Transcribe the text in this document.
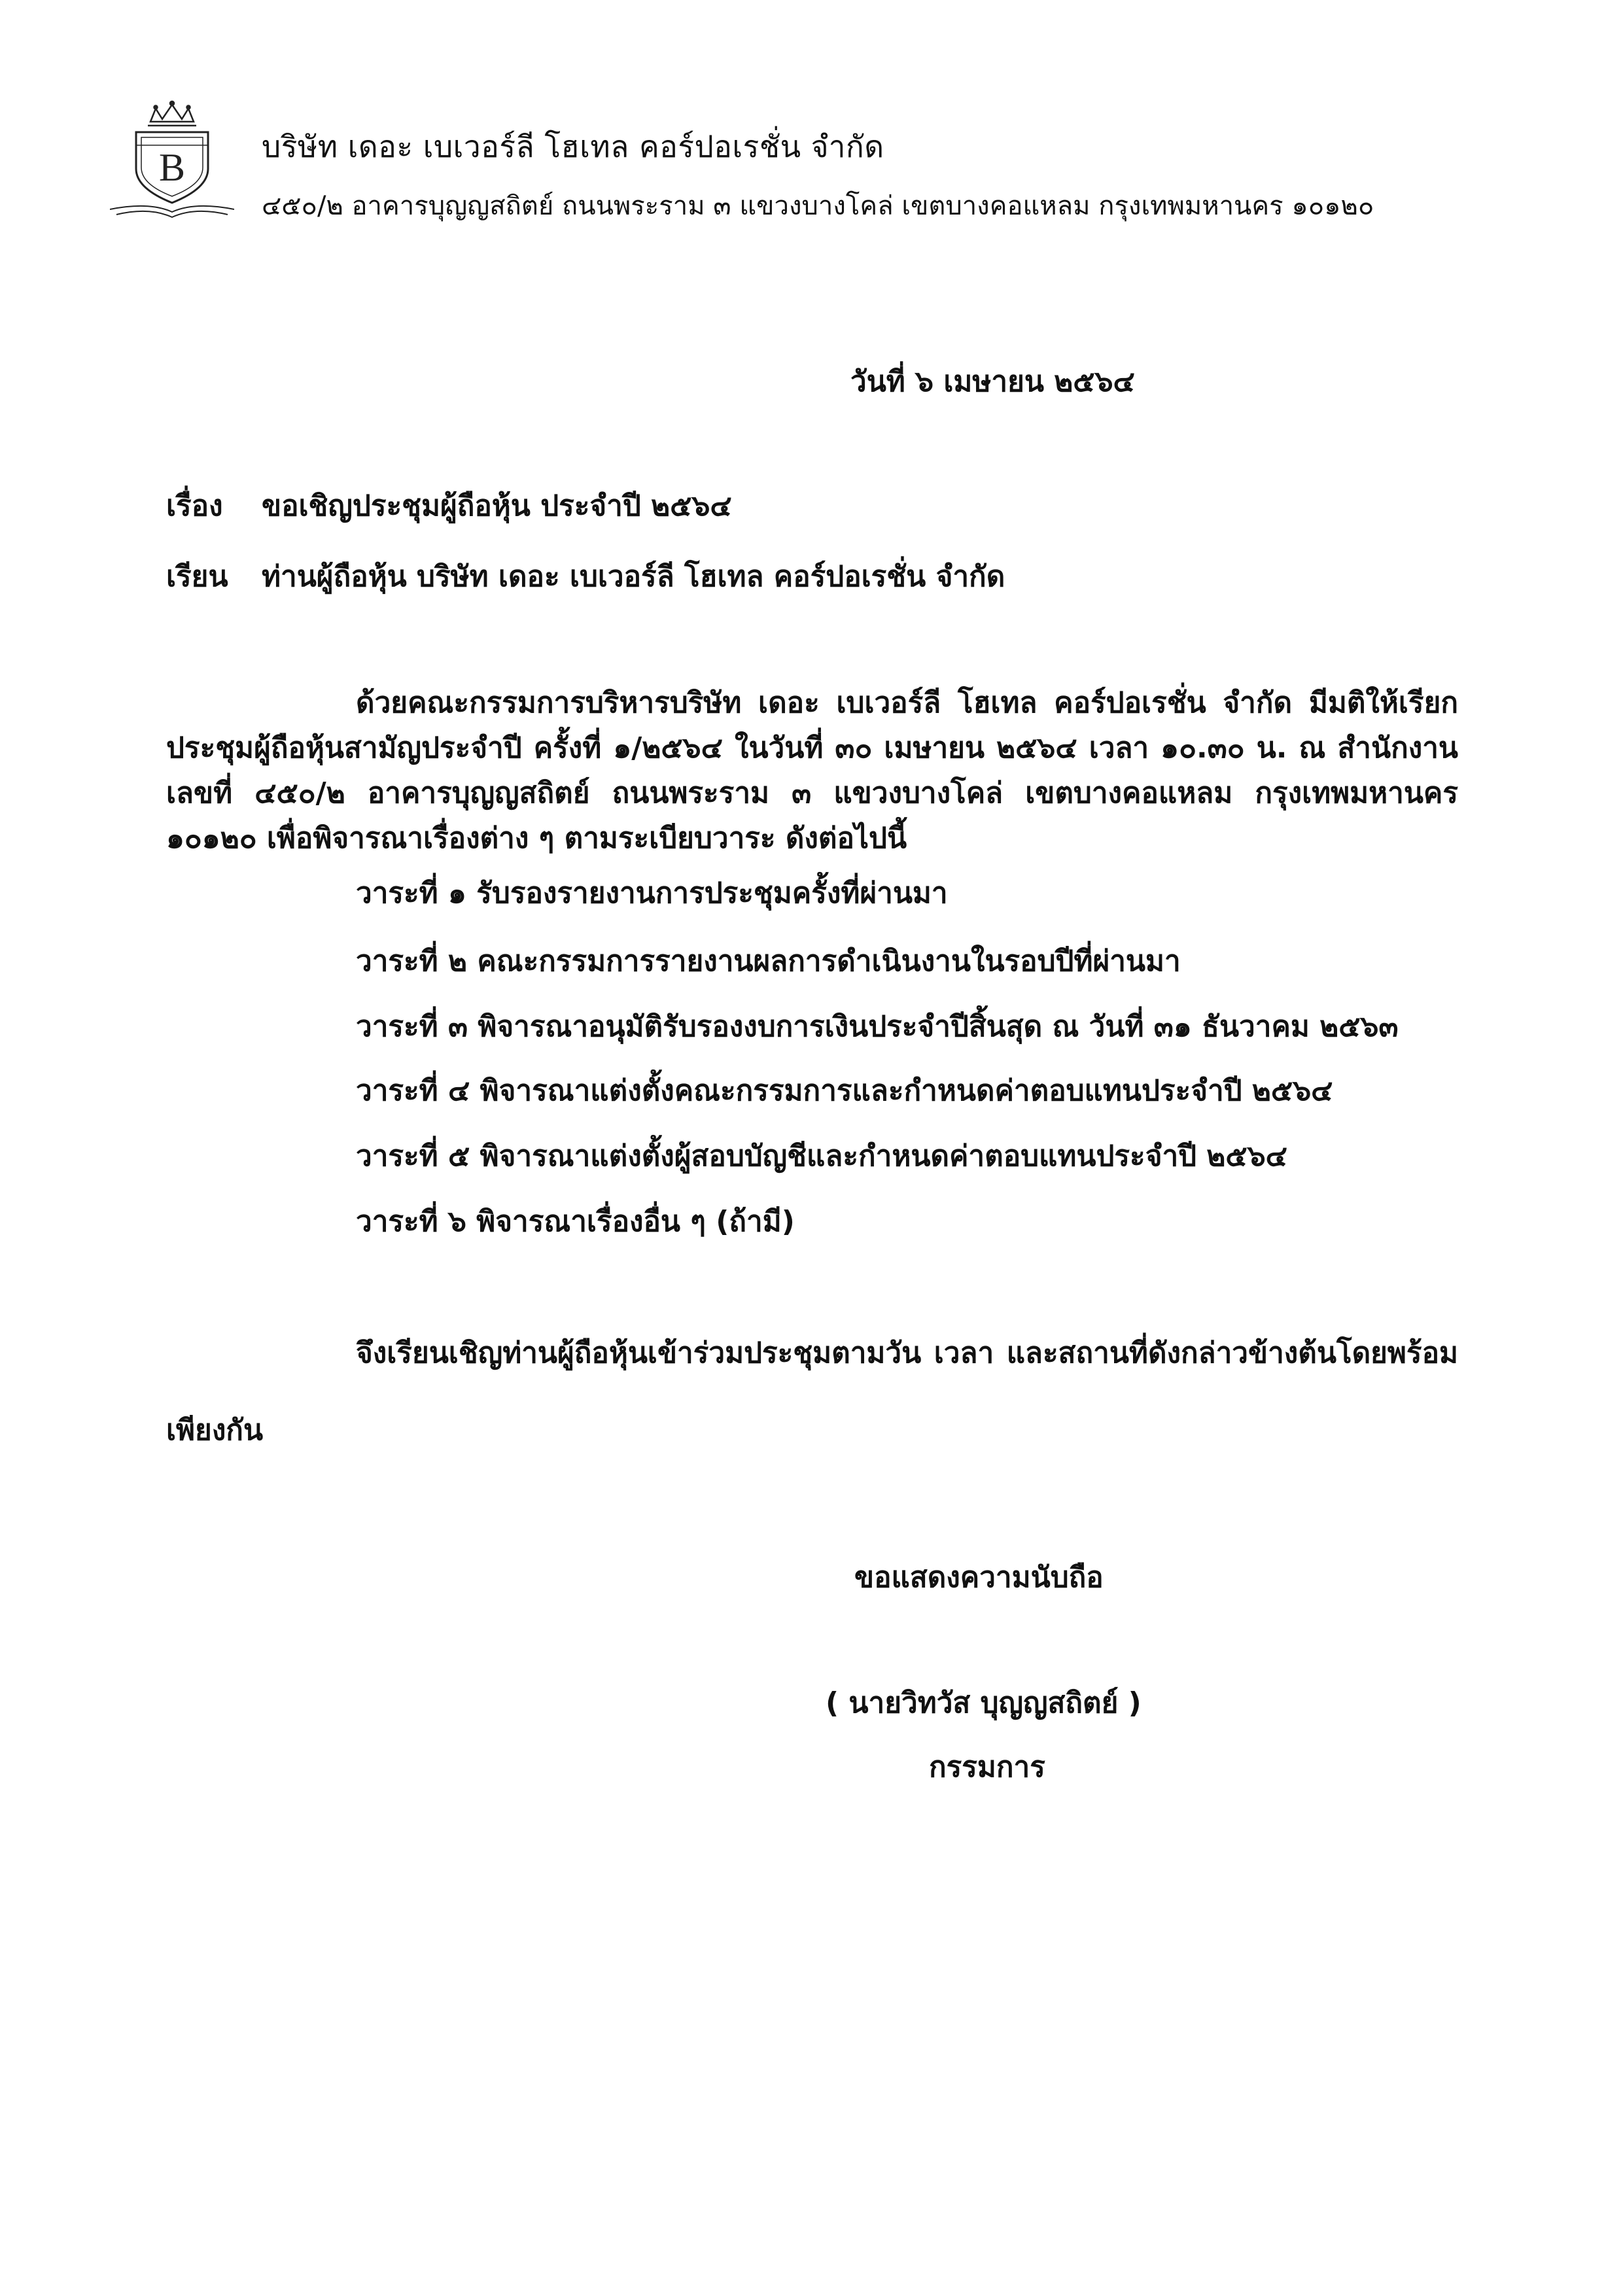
B	บริษัท เดอะ เบเวอร์ลี โฮเทล คอร์ปอเรชั่น จำกัด
๔๕๐/๒ อาคารบุญญสถิตย์ ถนนพระราม ๓ แขวงบางโคล่ เขตบางคอแหลม กรุงเทพมหานคร ๑๐๑๒๐
วันที่ ๖ เมษายน ๒๕๖๔
เรื่อง ขอเชิญประชุมผู้ถือหุ้น ประจำปี ๒๕๖๔
เรียน ท่านผู้ถือหุ้น บริษัท เดอะ เบเวอร์ลี โฮเทล คอร์ปอเรชั่น จำกัด
ด้วยคณะกรรมการบริหารบริษัท เดอะ เบเวอร์ลี โฮเทล คอร์ปอเรชั่น จำกัด มีมติให้เรียกประชุมผู้ถือหุ้นสามัญประจำปี ครั้งที่ ๑/๒๕๖๔ ในวันที่ ๓๐ เมษายน ๒๕๖๔ เวลา ๑๐.๓๐ น. ณ สำนักงานเลขที่ ๔๕๐/๒ อาคารบุญญสถิตย์ ถนนพระราม ๓ แขวงบางโคล่ เขตบางคอแหลม กรุงเทพมหานคร ๑๐๑๒๐ เพื่อพิจารณาเรื่องต่าง ๆ ตามระเบียบวาระ ดังต่อไปนี้
วาระที่ ๑ รับรองรายงานการประชุมครั้งที่ผ่านมา
วาระที่ ๒ คณะกรรมการรายงานผลการดำเนินงานในรอบปีที่ผ่านมา
วาระที่ ๓ พิจารณาอนุมัติรับรองงบการเงินประจำปีสิ้นสุด ณ วันที่ ๓๑ ธันวาคม ๒๕๖๓
วาระที่ ๔ พิจารณาแต่งตั้งคณะกรรมการและกำหนดค่าตอบแทนประจำปี ๒๕๖๔
วาระที่ ๕ พิจารณาแต่งตั้งผู้สอบบัญชีและกำหนดค่าตอบแทนประจำปี ๒๕๖๔
วาระที่ ๖ พิจารณาเรื่องอื่น ๆ (ถ้ามี)
จึงเรียนเชิญท่านผู้ถือหุ้นเข้าร่วมประชุมตามวัน เวลา และสถานที่ดังกล่าวข้างต้นโดยพร้อมเพียงกัน
ขอแสดงความนับถือ
( นายวิทวัส บุญญสถิตย์ )
กรรมการ
